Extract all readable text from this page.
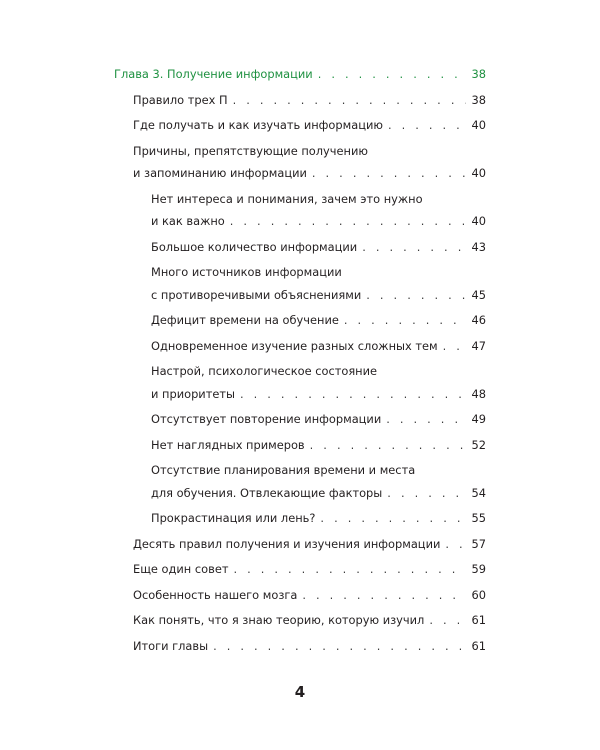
Глава 3. Получение информации . . .	38
Правило трех П . . .	38
Где получать и как изучать информацию . . .	40
Причины, препятствующие получению
и запоминанию информации . . .	40
Нет интереса и понимания, зачем это нужно
и как важно . . .	40
Большое количество информации . . .	43
Много источников информации
с противоречивыми объяснениями . . .	45
Дефицит времени на обучение . . .	46
Одновременное изучение разных сложных тем . . .	47
Настрой, психологическое состояние
и приоритеты . . .	48
Отсутствует повторение информации . . .	49
Нет наглядных примеров . . .	52
Отсутствие планирования времени и места
для обучения. Отвлекающие факторы . . .	54
Прокрастинация или лень? . . .	55
Десять правил получения и изучения информации . . .	57
Еще один совет . . .	59
Особенность нашего мозга . . .	60
Как понять, что я знаю теорию, которую изучил . . .	61
Итоги главы . . .	61
4
